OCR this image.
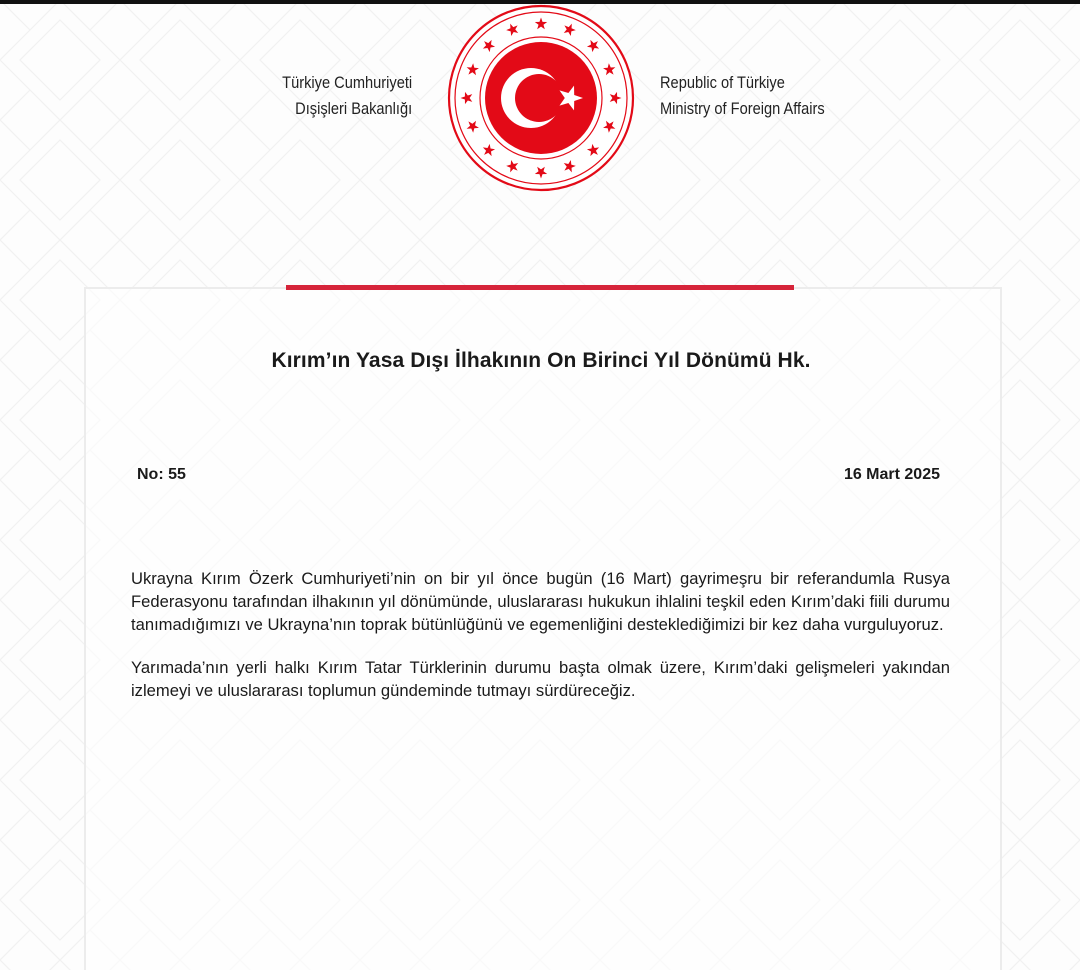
Türkiye Cumhuriyeti
Dışişleri Bakanlığı
Republic of Türkiye
Ministry of Foreign Affairs
Kırım’ın Yasa Dışı İlhakının On Birinci Yıl Dönümü Hk.
No: 55	16 Mart 2025

Ukrayna Kırım Özerk Cumhuriyeti’nin on bir yıl önce bugün (16 Mart) gayrimeşru bir referandumla Rusya Federasyonu tarafından ilhakının yıl dönümünde, uluslararası hukukun ihlalini teşkil eden Kırım’daki fiili durumu tanımadığımızı ve Ukrayna’nın toprak bütünlüğünü ve egemenliğini desteklediğimizi bir kez daha vurguluyoruz.

Yarımada’nın yerli halkı Kırım Tatar Türklerinin durumu başta olmak üzere, Kırım’daki gelişmeleri yakından izlemeyi ve uluslararası toplumun gündeminde tutmayı sürdüreceğiz.
